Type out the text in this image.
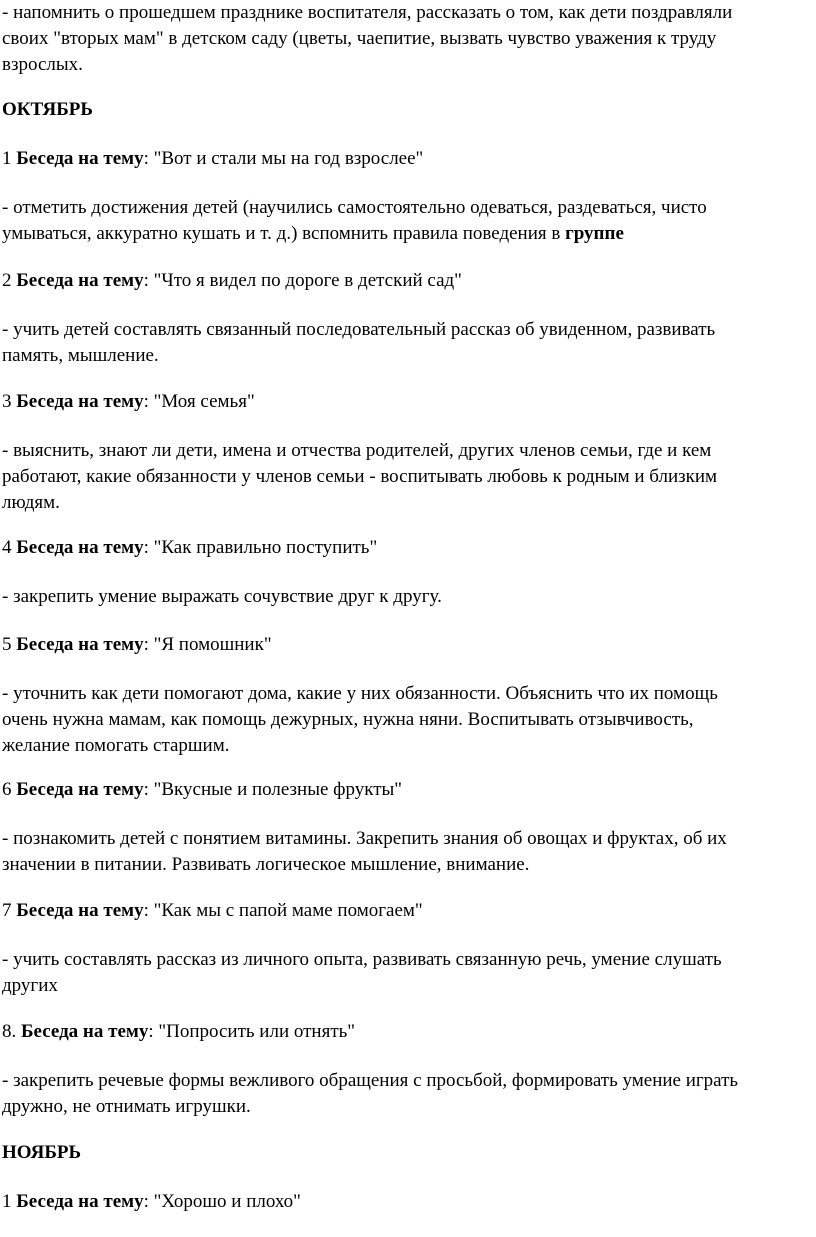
- напомнить о прошедшем празднике воспитателя, рассказать о том, как дети поздравляли
своих "вторых мам" в детском саду (цветы, чаепитие, вызвать чувство уважения к труду
взрослых.

ОКТЯБРЬ

1 Беседа на тему: "Вот и стали мы на год взрослее"

- отметить достижения детей (научились самостоятельно одеваться, раздеваться, чисто
умываться, аккуратно кушать и т. д.) вспомнить правила поведения в группе

2 Беседа на тему: "Что я видел по дороге в детский сад"

- учить детей составлять связанный последовательный рассказ об увиденном, развивать
память, мышление.

3 Беседа на тему: "Моя семья"

- выяснить, знают ли дети, имена и отчества родителей, других членов семьи, где и кем
работают, какие обязанности у членов семьи - воспитывать любовь к родным и близким
людям.

4 Беседа на тему: "Как правильно поступить"

- закрепить умение выражать сочувствие друг к другу.

5 Беседа на тему: "Я помошник"

- уточнить как дети помогают дома, какие у них обязанности. Объяснить что их помощь
очень нужна мамам, как помощь дежурных, нужна няни. Воспитывать отзывчивость,
желание помогать старшим.

6 Беседа на тему: "Вкусные и полезные фрукты"

- познакомить детей с понятием витамины. Закрепить знания об овощах и фруктах, об их
значении в питании. Развивать логическое мышление, внимание.

7 Беседа на тему: "Как мы с папой маме помогаем"

- учить составлять рассказ из личного опыта, развивать связанную речь, умение слушать
других

8. Беседа на тему: "Попросить или отнять"

- закрепить речевые формы вежливого обращения с просьбой, формировать умение играть
дружно, не отнимать игрушки.

НОЯБРЬ

1 Беседа на тему: "Хорошо и плохо"
